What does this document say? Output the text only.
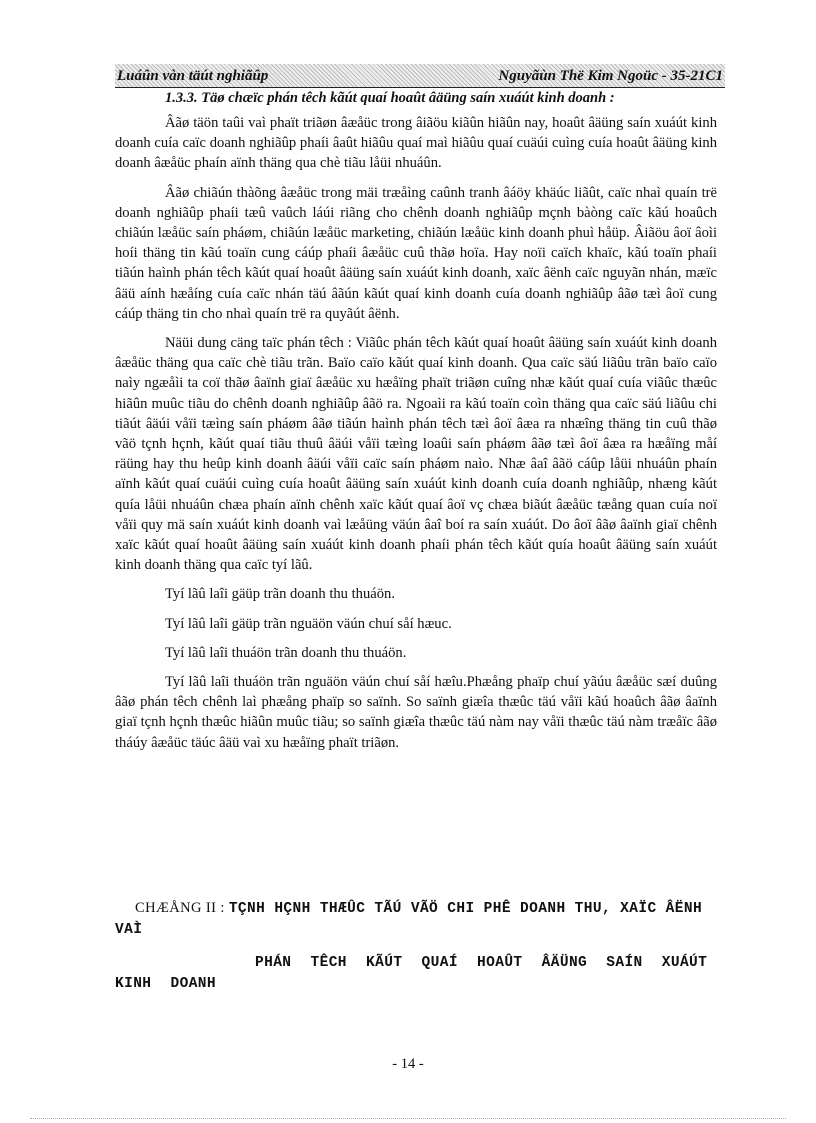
Luáûn vàn täút nghiãûp	Nguyãùn Thë Kim Ngoüc - 35-21C1
1.3.3. Täø chæïc phán têch kãút quaí hoaût âäüng saín xuáút kinh doanh :

Âãø täön taûi vaì phaït triãøn âæåüc trong âiãöu kiãûn hiãûn nay, hoaût âäüng saín xuáút kinh doanh cuía caïc doanh nghiãûp phaíi âaût hiãûu quaí maì hiãûu quaí cuäúi cuìng cuía hoaût âäüng kinh doanh âæåüc phaín aïnh thäng qua chè tiãu låüi nhuáûn.

Âãø chiãún thàõng âæåüc trong mäi træåìng caûnh tranh âáöy khäúc liãût, caïc nhaì quaín trë doanh nghiãûp phaíi tæû vaûch láúi riãng cho chênh doanh nghiãûp mçnh bàòng caïc kãú hoaûch chiãún læåüc saín pháøm, chiãún læåüc marketing, chiãún læåüc kinh doanh phuì håüp. Âiãöu âoï âoìi hoíi thäng tin kãú toaïn cung cáúp phaíi âæåüc cuû thãø hoïa. Hay noïi caïch khaïc, kãú toaïn phaíi tiãún haình phán têch kãút quaí hoaût âäüng saín xuáút kinh doanh, xaïc âënh caïc nguyãn nhán, mæïc âäü aính hæåíng cuía caïc nhán täú âãún kãút quaí kinh doanh cuía doanh nghiãûp âãø tæì âoï cung cáúp thäng tin cho nhaì quaín trë ra quyãút âënh.

Näüi dung cäng taïc phán têch : Viãûc phán têch kãút quaí hoaût âäüng saín xuáút kinh doanh âæåüc thäng qua caïc chè tiãu trãn. Baïo caïo kãút quaí kinh doanh. Qua caïc säú liãûu trãn baïo caïo naìy ngæåìi ta coï thãø âaïnh giaï âæåüc xu hæåïng phaït triãøn cuîng nhæ kãút quaí cuía viãûc thæûc hiãûn muûc tiãu do chênh doanh nghiãûp âãö ra. Ngoaìi ra kãú toaïn coìn thäng qua caïc säú liãûu chi tiãút âäúi våïi tæìng saín pháøm âãø tiãún haình phán têch tæì âoï âæa ra nhæîng thäng tin cuû thãø vãö tçnh hçnh, kãút quaí tiãu thuû âäúi våïi tæìng loaûi saín pháøm âãø tæì âoï âæa ra hæåïng måí räüng hay thu heûp kinh doanh âäúi våïi caïc saín pháøm naìo. Nhæ âaî âãö cáûp låüi nhuáûn phaín aïnh kãút quaí cuäúi cuìng cuía hoaût âäüng saín xuáút kinh doanh cuía doanh nghiãûp, nhæng kãút quía låüi nhuáûn chæa phaín aïnh chênh xaïc kãút quaí âoï vç chæa biãút âæåüc tæång quan cuía noï våïi quy mä saín xuáút kinh doanh vaì læåüng väún âaî boí ra saín xuáút. Do âoï âãø âaïnh giaï chênh xaïc kãút quaí hoaût âäüng saín xuáút kinh doanh phaíi phán têch kãút quía hoaût âäüng saín xuáút kinh doanh thäng qua caïc tyí lãû.

Tyí lãû laîi gäüp trãn doanh thu thuáön.

Tyí lãû laîi gäüp trãn nguäön väún chuí såí hæuc.

Tyí lãû laîi thuáön trãn doanh thu thuáön.

Tyí lãû laîi thuáön trãn nguäön väún chuí såí hæîu.Phæång phaïp chuí yãúu âæåüc sæí duûng âãø phán têch chênh laì phæång phaïp so saïnh. So saïnh giæîa thæûc täú våïi kãú hoaûch âãø âaïnh giaï tçnh hçnh thæûc hiãûn muûc tiãu; so saïnh giæîa thæûc täú nàm nay våïi thæûc täú nàm træåïc âãø tháúy âæåüc täúc âäü vaì xu hæåïng phaït triãøn.

CHÆÅNG II : TÇNH HÇNH THÆÛC TÃÚ VÃÖ CHI PHÊ DOANH THU, XAÏC ÂËNH VAÌ
PHÁN TÊCH KÃÚT QUAÍ HOAÛT ÂÄÜNG SAÍN XUÁÚT KINH DOANH
- 14 -
